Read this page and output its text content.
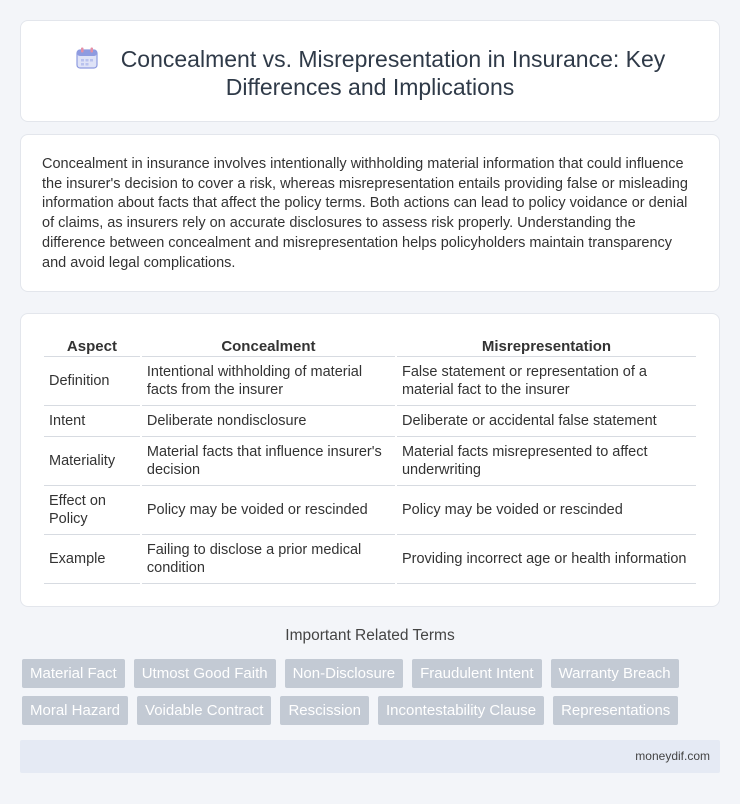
Concealment vs. Misrepresentation in Insurance: Key Differences and Implications

Concealment in insurance involves intentionally withholding material information that could influence the insurer's decision to cover a risk, whereas misrepresentation entails providing false or misleading information about facts that affect the policy terms. Both actions can lead to policy voidance or denial of claims, as insurers rely on accurate disclosures to assess risk properly. Understanding the difference between concealment and misrepresentation helps policyholders maintain transparency and avoid legal complications.

Aspect	Concealment	Misrepresentation
Definition	Intentional withholding of material facts from the insurer	False statement or representation of a material fact to the insurer
Intent	Deliberate nondisclosure	Deliberate or accidental false statement
Materiality	Material facts that influence insurer's decision	Material facts misrepresented to affect underwriting
Effect on Policy	Policy may be voided or rescinded	Policy may be voided or rescinded
Example	Failing to disclose a prior medical condition	Providing incorrect age or health information
Important Related Terms
Material Fact	Utmost Good Faith	Non-Disclosure	Fraudulent Intent	Warranty Breach
Moral Hazard	Voidable Contract	Rescission	Incontestability Clause	Representations
moneydif.com
